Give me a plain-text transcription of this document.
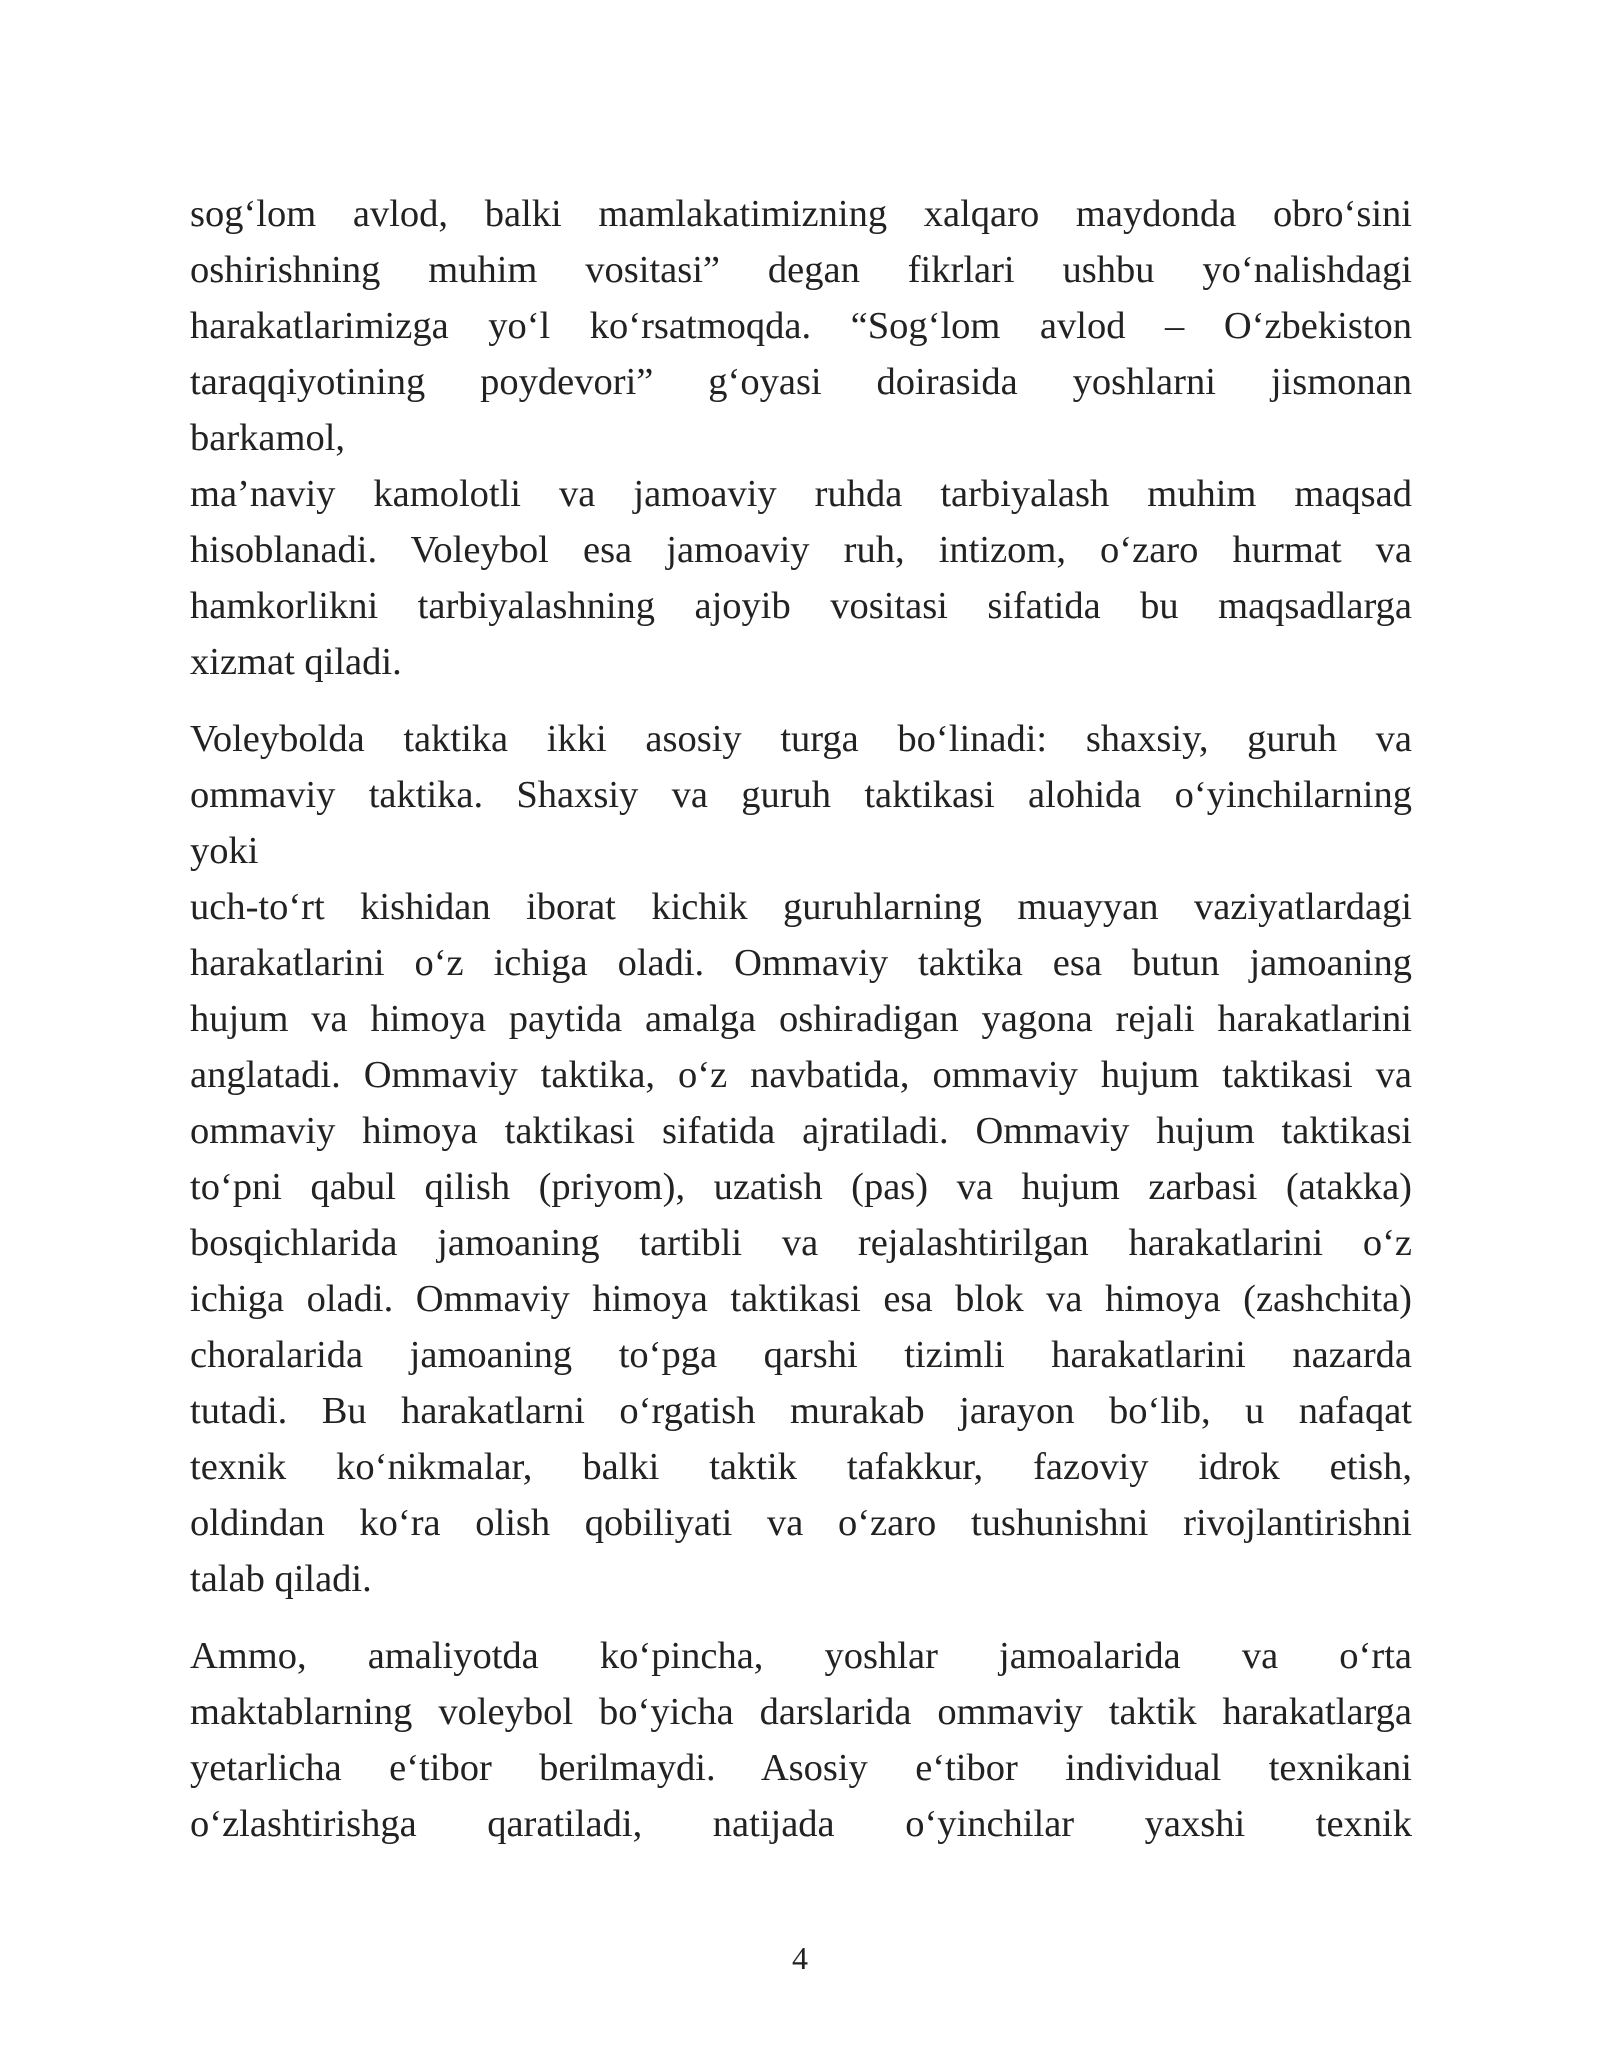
sog‘lom avlod, balki mamlakatimizning xalqaro maydonda obro‘sini
oshirishning muhim vositasi” degan fikrlari ushbu yo‘nalishdagi
harakatlarimizga yo‘l ko‘rsatmoqda. “Sog‘lom avlod – O‘zbekiston
taraqqiyotining poydevori” g‘oyasi doirasida yoshlarni jismonan
barkamol,
ma’naviy kamolotli va jamoaviy ruhda tarbiyalash muhim maqsad
hisoblanadi. Voleybol esa jamoaviy ruh, intizom, o‘zaro hurmat va
hamkorlikni tarbiyalashning ajoyib vositasi sifatida bu maqsadlarga
xizmat qiladi.

Voleybolda taktika ikki asosiy turga bo‘linadi: shaxsiy, guruh va
ommaviy taktika. Shaxsiy va guruh taktikasi alohida o‘yinchilarning
yoki
uch-to‘rt kishidan iborat kichik guruhlarning muayyan vaziyatlardagi
harakatlarini o‘z ichiga oladi. Ommaviy taktika esa butun jamoaning
hujum va himoya paytida amalga oshiradigan yagona rejali harakatlarini
anglatadi. Ommaviy taktika, o‘z navbatida, ommaviy hujum taktikasi va
ommaviy himoya taktikasi sifatida ajratiladi. Ommaviy hujum taktikasi
to‘pni qabul qilish (priyom), uzatish (pas) va hujum zarbasi (atakka)
bosqichlarida jamoaning tartibli va rejalashtirilgan harakatlarini o‘z
ichiga oladi. Ommaviy himoya taktikasi esa blok va himoya (zashchita)
choralarida jamoaning to‘pga qarshi tizimli harakatlarini nazarda
tutadi. Bu harakatlarni o‘rgatish murakab jarayon bo‘lib, u nafaqat
texnik ko‘nikmalar, balki taktik tafakkur, fazoviy idrok etish,
oldindan ko‘ra olish qobiliyati va o‘zaro tushunishni rivojlantirishni
talab qiladi.

Ammo, amaliyotda ko‘pincha, yoshlar jamoalarida va o‘rta
maktablarning voleybol bo‘yicha darslarida ommaviy taktik harakatlarga
yetarlicha e‘tibor berilmaydi. Asosiy e‘tibor individual texnikani
o‘zlashtirishga qaratiladi, natijada o‘yinchilar yaxshi texnik

4
